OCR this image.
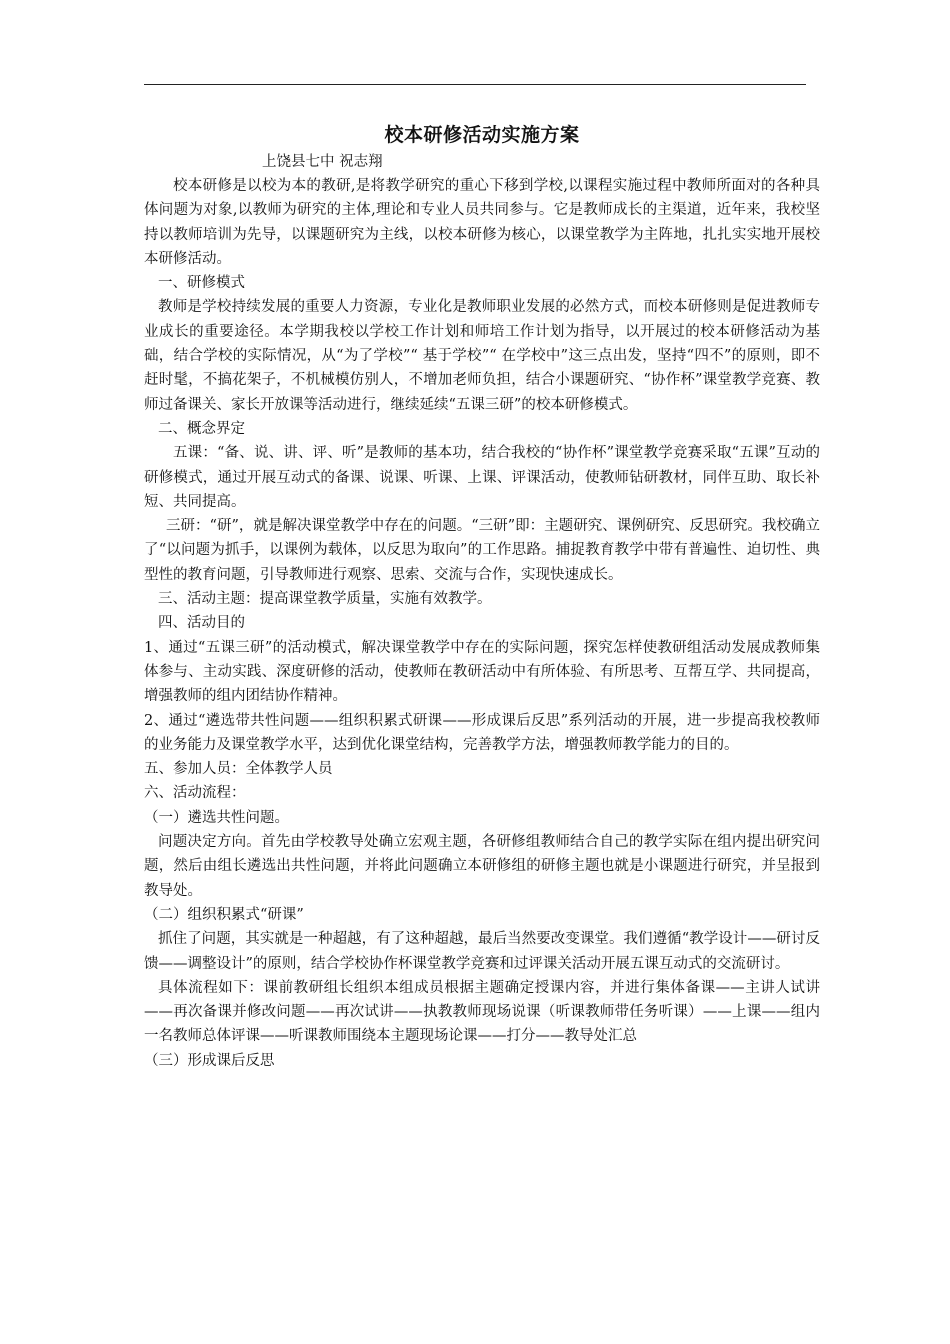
校本研修活动实施方案
上饶县七中 祝志翔

校本研修是以校为本的教研,是将教学研究的重心下移到学校,以课程实施过程中教师所面对的各种具体问题为对象,以教师为研究的主体,理论和专业人员共同参与。它是教师成长的主渠道，近年来，我校坚持以教师培训为先导，以课题研究为主线，以校本研修为核心，以课堂教学为主阵地，扎扎实实地开展校本研修活动。

一、研修模式

教师是学校持续发展的重要人力资源，专业化是教师职业发展的必然方式，而校本研修则是促进教师专业成长的重要途径。本学期我校以学校工作计划和师培工作计划为指导，以开展过的校本研修活动为基础，结合学校的实际情况，从“为了学校”“ 基于学校”“ 在学校中”这三点出发，坚持“四不”的原则，即不赶时髦，不搞花架子，不机械模仿别人，不增加老师负担，结合小课题研究、“协作杯”课堂教学竞赛、教师过备课关、家长开放课等活动进行，继续延续“五课三研”的校本研修模式。

二、概念界定

五课：“备、说、讲、评、听”是教师的基本功，结合我校的“协作杯”课堂教学竞赛采取“五课”互动的研修模式，通过开展互动式的备课、说课、听课、上课、评课活动，使教师钻研教材，同伴互助、取长补短、共同提高。

三研：“研”，就是解决课堂教学中存在的问题。“三研”即：主题研究、课例研究、反思研究。我校确立了“以问题为抓手，以课例为载体，以反思为取向”的工作思路。捕捉教育教学中带有普遍性、迫切性、典型性的教育问题，引导教师进行观察、思索、交流与合作，实现快速成长。

三、活动主题：提高课堂教学质量，实施有效教学。

四、活动目的

1、通过“五课三研”的活动模式，解决课堂教学中存在的实际问题，探究怎样使教研组活动发展成教师集体参与、主动实践、深度研修的活动，使教师在教研活动中有所体验、有所思考、互帮互学、共同提高，增强教师的组内团结协作精神。

2、通过“遴选带共性问题——组织积累式研课——形成课后反思”系列活动的开展，进一步提高我校教师的业务能力及课堂教学水平，达到优化课堂结构，完善教学方法，增强教师教学能力的目的。

五、参加人员：全体教学人员

六、活动流程：

（一）遴选共性问题。

问题决定方向。首先由学校教导处确立宏观主题，各研修组教师结合自己的教学实际在组内提出研究问题，然后由组长遴选出共性问题，并将此问题确立本研修组的研修主题也就是小课题进行研究，并呈报到教导处。

（二）组织积累式“研课”

抓住了问题，其实就是一种超越，有了这种超越，最后当然要改变课堂。我们遵循“教学设计——研讨反馈——调整设计”的原则，结合学校协作杯课堂教学竞赛和过评课关活动开展五课互动式的交流研讨。

具体流程如下：课前教研组长组织本组成员根据主题确定授课内容，并进行集体备课——主讲人试讲——再次备课并修改问题——再次试讲——执教教师现场说课（听课教师带任务听课）——上课——组内一名教师总体评课——听课教师围绕本主题现场论课——打分——教导处汇总

（三）形成课后反思
